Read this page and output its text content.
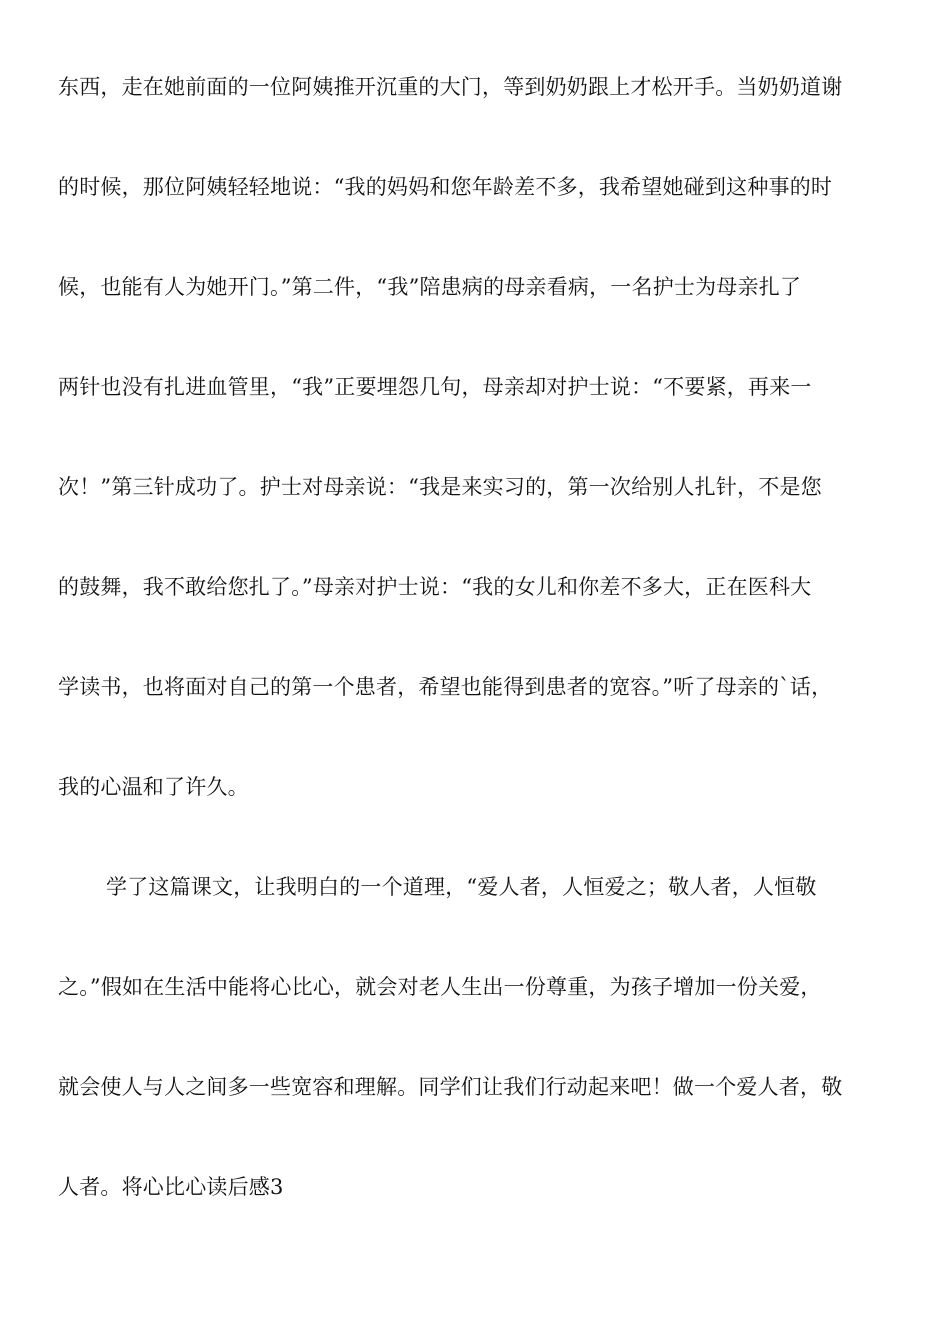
东西，走在她前面的一位阿姨推开沉重的大门，等到奶奶跟上才松开手。当奶奶道谢
的时候，那位阿姨轻轻地说：“我的妈妈和您年龄差不多，我希望她碰到这种事的时
候，也能有人为她开门。”第二件，“我”陪患病的母亲看病，一名护士为母亲扎了
两针也没有扎进血管里，“我”正要埋怨几句，母亲却对护士说：“不要紧，再来一
次！”第三针成功了。护士对母亲说：“我是来实习的，第一次给别人扎针，不是您
的鼓舞，我不敢给您扎了。”母亲对护士说：“我的女儿和你差不多大，正在医科大
学读书，也将面对自己的第一个患者，希望也能得到患者的宽容。”听了母亲的`话，
我的心温和了许久。
学了这篇课文，让我明白的一个道理，“爱人者，人恒爱之；敬人者，人恒敬
之。”假如在生活中能将心比心，就会对老人生出一份尊重，为孩子增加一份关爱，
就会使人与人之间多一些宽容和理解。同学们让我们行动起来吧！做一个爱人者，敬
人者。将心比心读后感3
